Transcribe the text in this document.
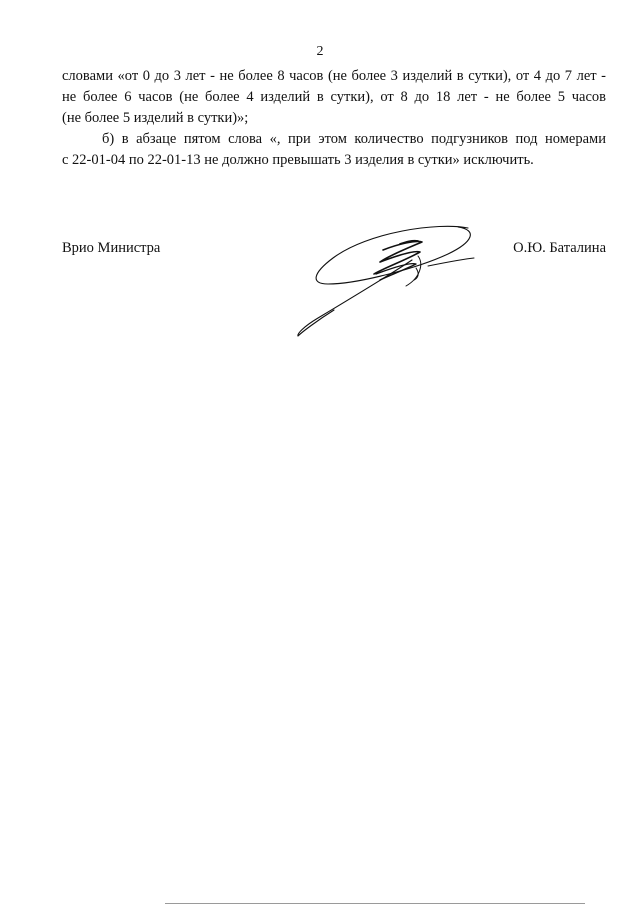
2
словами «от 0 до 3 лет - не более 8 часов (не более 3 изделий в сутки), от 4 до 7 лет -
не более 6 часов (не более 4 изделий в сутки), от 8 до 18 лет - не более 5 часов
(не более 5 изделий в сутки)»;
б) в абзаце пятом слова «, при этом количество подгузников под номерами
с 22-01-04 по 22-01-13 не должно превышать 3 изделия в сутки» исключить.
Врио Министра	О.Ю. Баталина
